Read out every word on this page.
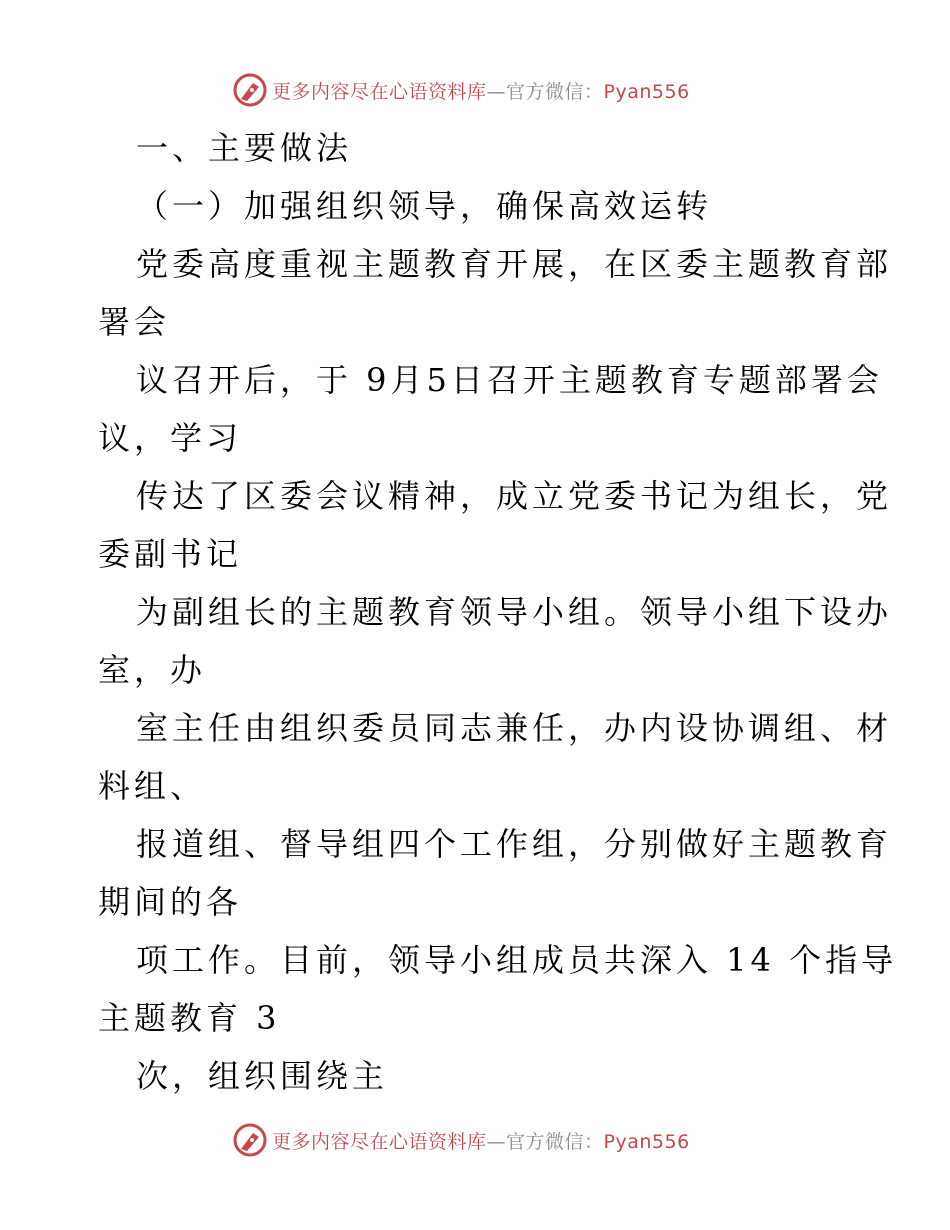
更多内容尽在心语资料库—官方微信：Pyan556
一、主要做法
（一）加强组织领导，确保高效运转
党委高度重视主题教育开展，在区委主题教育部
署会
议召开后，于 9月5日召开主题教育专题部署会
议，学习
传达了区委会议精神，成立党委书记为组长，党
委副书记
为副组长的主题教育领导小组。领导小组下设办
室，办
室主任由组织委员同志兼任，办内设协调组、材
料组、
报道组、督导组四个工作组，分别做好主题教育
期间的各
项工作。目前，领导小组成员共深入 14 个指导
主题教育 3
次，组织围绕主
更多内容尽在心语资料库—官方微信：Pyan556
